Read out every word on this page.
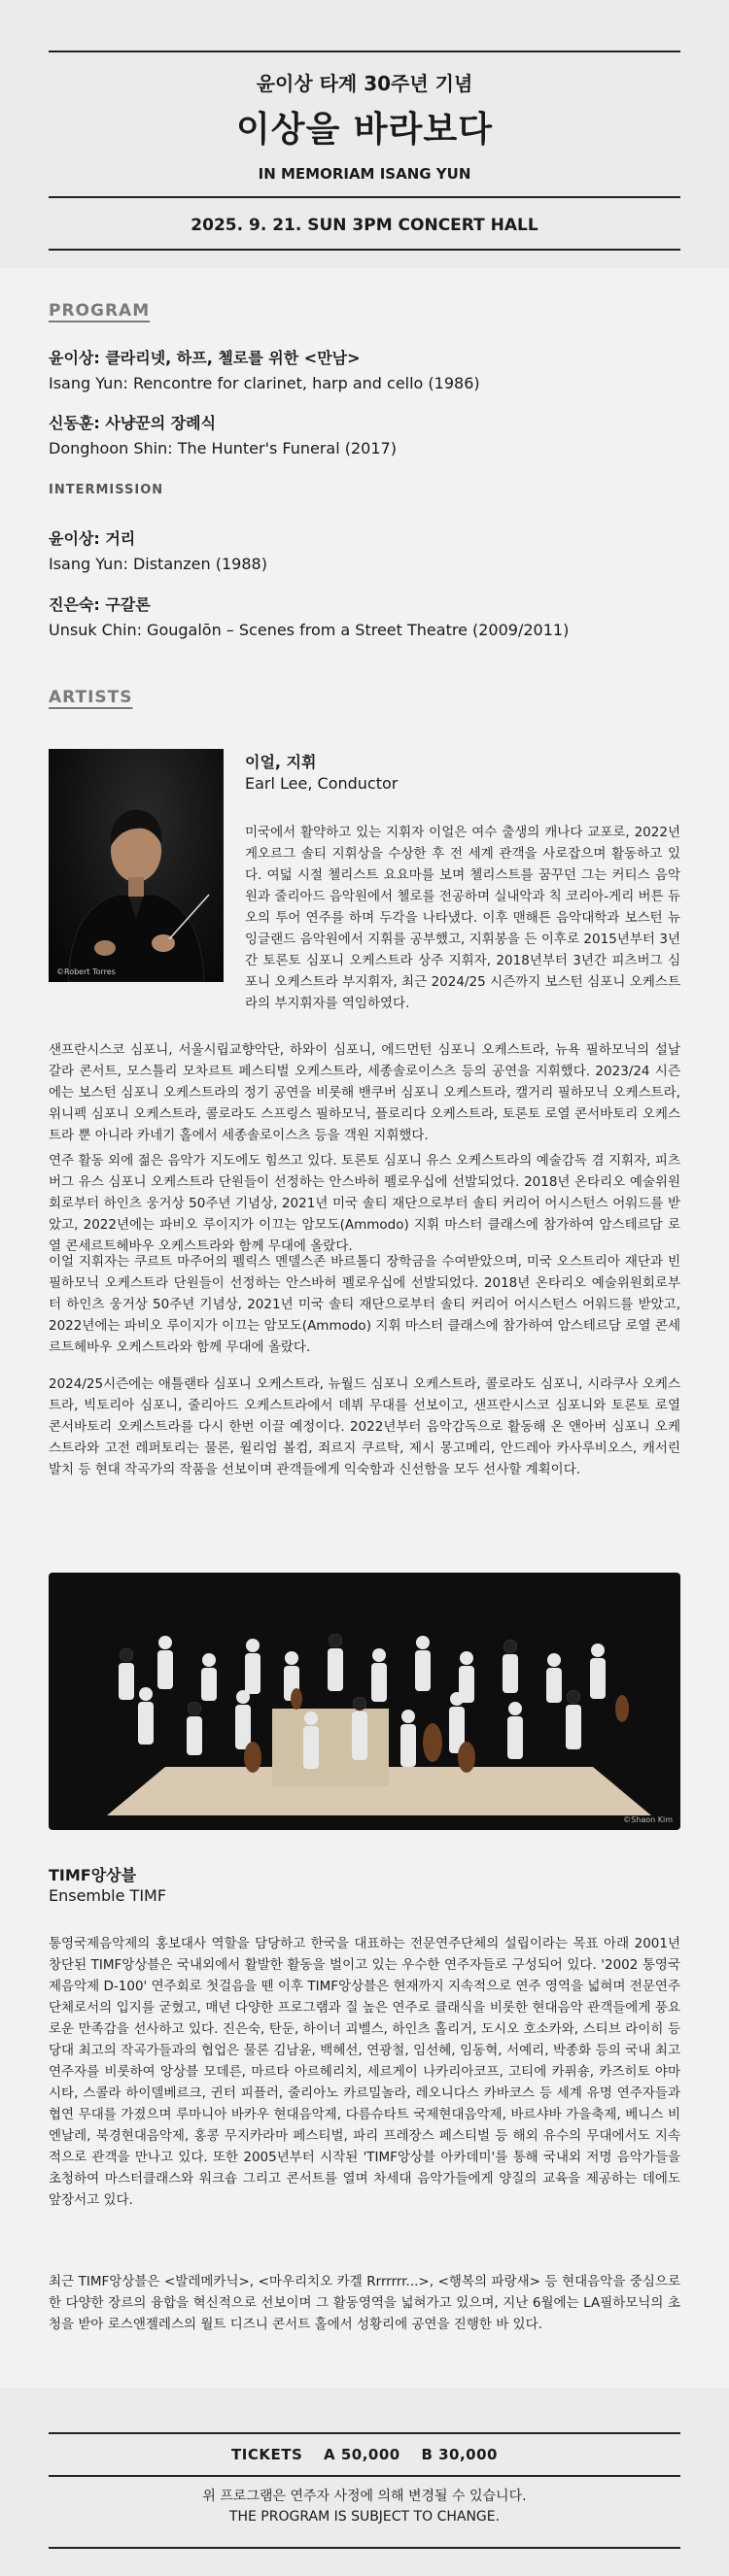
윤이상 타계 30주년 기념
이상을 바라보다
IN MEMORIAM ISANG YUN
2025. 9. 21. SUN 3PM CONCERT HALL
PROGRAM
윤이상: 클라리넷, 하프, 첼로를 위한 <만남>
Isang Yun: Rencontre for clarinet, harp and cello (1986)
신동훈: 사냥꾼의 장례식
Donghoon Shin: The Hunter's Funeral (2017)
INTERMISSION
윤이상: 거리
Isang Yun: Distanzen (1988)
진은숙: 구갈론
Unsuk Chin: Gougalōn – Scenes from a Street Theatre (2009/2011)
ARTISTS
©Robert Torres
이얼, 지휘
Earl Lee, Conductor
미국에서 활약하고 있는 지휘자 이얼은 여수 출생의 캐나다 교포로, 2022년 게오르그 솔티 지휘상을 수상한 후 전 세계 관객을 사로잡으며 활동하고 있다. 여덟 시절 첼리스트 요요마를 보며 첼리스트를 꿈꾸던 그는 커티스 음악원과 줄리아드 음악원에서 첼로를 전공하며 실내악과 칙 코리아-게리 버튼 듀오의 투어 연주를 하며 두각을 나타냈다. 이후 맨해튼 음악대학과 보스턴 뉴잉글랜드 음악원에서 지휘를 공부했고, 지휘봉을 든 이후로 2015년부터 3년간 토론토 심포니 오케스트라 상주 지휘자, 2018년부터 3년간 피츠버그 심포니 오케스트라 부지휘자, 최근 2024/25 시즌까지 보스턴 심포니 오케스트라의 부지휘자를 역임하였다.
샌프란시스코 심포니, 서울시립교향악단, 하와이 심포니, 에드먼턴 심포니 오케스트라, 뉴욕 필하모닉의 설날 갈라 콘서트, 모스틀리 모차르트 페스티벌 오케스트라, 세종솔로이스츠 등의 공연을 지휘했다. 2023/24 시즌에는 보스턴 심포니 오케스트라의 정기 공연을 비롯해 밴쿠버 심포니 오케스트라, 캘거리 필하모닉 오케스트라, 위니펙 심포니 오케스트라, 콜로라도 스프링스 필하모닉, 플로리다 오케스트라, 토론토 로열 콘서바토리 오케스트라 뿐 아니라 카네기 홀에서 세종솔로이스츠 등을 객원 지휘했다.
연주 활동 외에 젊은 음악가 지도에도 힘쓰고 있다. 토론토 심포니 유스 오케스트라의 예술감독 겸 지휘자, 피츠버그 유스 심포니 오케스트라 단원들이 선정하는 안스바허 펠로우십에 선발되었다. 2018년 온타리오 예술위원회로부터 하인츠 웅거상 50주년 기념상, 2021년 미국 솔티 재단으로부터 솔티 커리어 어시스턴스 어워드를 받았고, 2022년에는 파비오 루이지가 이끄는 암모도(Ammodo) 지휘 마스터 클래스에 참가하여 암스테르담 로열 콘세르트헤바우 오케스트라와 함께 무대에 올랐다.
이얼 지휘자는 쿠르트 마주어의 펠릭스 멘델스존 바르톨디 장학금을 수여받았으며, 미국 오스트리아 재단과 빈 필하모닉 오케스트라 단원들이 선정하는 안스바허 펠로우십에 선발되었다. 2018년 온타리오 예술위원회로부터 하인츠 웅거상 50주년 기념상, 2021년 미국 솔티 재단으로부터 솔티 커리어 어시스턴스 어워드를 받았고, 2022년에는 파비오 루이지가 이끄는 암모도(Ammodo) 지휘 마스터 클래스에 참가하여 암스테르담 로열 콘세르트헤바우 오케스트라와 함께 무대에 올랐다.
2024/25시즌에는 애틀랜타 심포니 오케스트라, 뉴월드 심포니 오케스트라, 콜로라도 심포니, 시라쿠사 오케스트라, 빅토리아 심포니, 줄리아드 오케스트라에서 데뷔 무대를 선보이고, 샌프란시스코 심포니와 토론토 로열 콘서바토리 오케스트라를 다시 한번 이끌 예정이다. 2022년부터 음악감독으로 활동해 온 앤아버 심포니 오케스트라와 고전 레퍼토리는 물론, 윌리엄 볼컴, 죄르지 쿠르탁, 제시 몽고메리, 안드레아 카사루비오스, 캐서린 발치 등 현대 작곡가의 작품을 선보이며 관객들에게 익숙함과 신선함을 모두 선사할 계획이다.
©Shaon Kim
TIMF앙상블
Ensemble TIMF
통영국제음악제의 홍보대사 역할을 담당하고 한국을 대표하는 전문연주단체의 설립이라는 목표 아래 2001년 창단된 TIMF앙상블은 국내외에서 활발한 활동을 벌이고 있는 우수한 연주자들로 구성되어 있다. '2002 통영국제음악제 D-100' 연주회로 첫걸음을 뗀 이후 TIMF앙상블은 현재까지 지속적으로 연주 영역을 넓혀며 전문연주단체로서의 입지를 굳혔고, 매년 다양한 프로그램과 질 높은 연주로 클래식을 비롯한 현대음악 관객들에게 풍요로운 만족감을 선사하고 있다. 진은숙, 탄둔, 하이너 괴벨스, 하인츠 홀리거, 도시오 호소카와, 스티브 라이히 등 당대 최고의 작곡가들과의 협업은 물론 김남윤, 백혜선, 연광철, 임선혜, 임동혁, 서예리, 박종화 등의 국내 최고 연주자를 비롯하여 앙상블 모데른, 마르타 아르헤리치, 세르게이 나카리아코프, 고티에 카퓌숑, 카즈히토 야마시타, 스콜라 하이델베르크, 귄터 피플러, 줄리아노 카르밀놀라, 레오니다스 카바코스 등 세계 유명 연주자들과 협연 무대를 가졌으며 루마니아 바카우 현대음악제, 다름슈타트 국제현대음악제, 바르샤바 가을축제, 베니스 비엔날레, 북경현대음악제, 홍콩 무지카라마 페스티벌, 파리 프레장스 페스티벌 등 해외 유수의 무대에서도 지속적으로 관객을 만나고 있다. 또한 2005년부터 시작된 'TIMF앙상블 아카데미'를 통해 국내외 저명 음악가들을 초청하여 마스터클래스와 워크숍 그리고 콘서트를 열며 차세대 음악가들에게 양질의 교육을 제공하는 데에도 앞장서고 있다.
최근 TIMF앙상블은 <발레메카닉>, <마우리치오 카겔 Rrrrrrr...>, <행복의 파랑새> 등 현대음악을 중심으로 한 다양한 장르의 융합을 혁신적으로 선보이며 그 활동영역을 넓혀가고 있으며, 지난 6월에는 LA필하모닉의 초청을 받아 로스앤젤레스의 월트 디즈니 콘서트 홀에서 성황리에 공연을 진행한 바 있다.
TICKETS A 50,000 B 30,000
위 프로그램은 연주자 사정에 의해 변경될 수 있습니다.
THE PROGRAM IS SUBJECT TO CHANGE.
